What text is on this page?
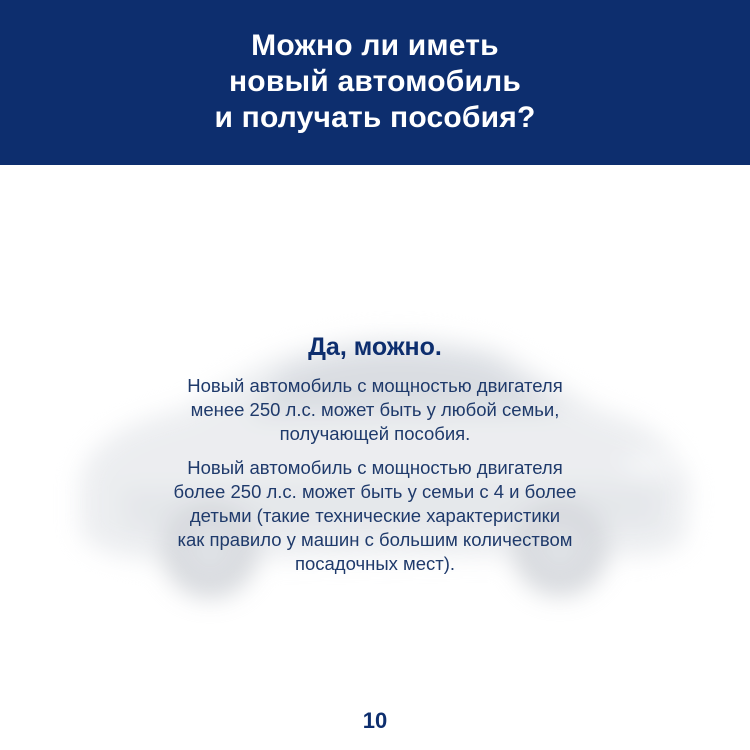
Можно ли иметь
новый автомобиль
и получать пособия?
Да, можно.
Новый автомобиль с мощностью двигателя
менее 250 л.с. может быть у любой семьи,
получающей пособия.
Новый автомобиль с мощностью двигателя
более 250 л.с. может быть у семьи с 4 и более
детьми (такие технические характеристики
как правило у машин с большим количеством
посадочных мест).
10
